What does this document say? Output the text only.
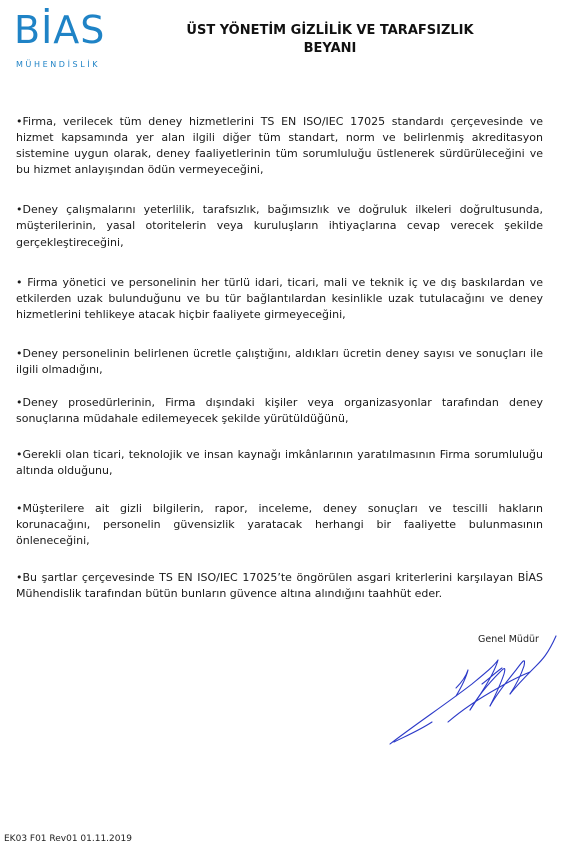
BİAS
MÜHENDİSLİK
ÜST YÖNETİM GİZLİLİK VE TARAFSIZLIK
BEYANI

•Firma, verilecek tüm deney hizmetlerini TS EN ISO/IEC 17025 standardı çerçevesinde ve hizmet kapsamında yer alan ilgili diğer tüm standart, norm ve belirlenmiş akreditasyon sistemine uygun olarak, deney faaliyetlerinin tüm sorumluluğu üstlenerek sürdürüleceğini ve bu hizmet anlayışından ödün vermeyeceğini,

•Deney çalışmalarını yeterlilik, tarafsızlık, bağımsızlık ve doğruluk ilkeleri doğrultusunda, müşterilerinin, yasal otoritelerin veya kuruluşların ihtiyaçlarına cevap verecek şekilde gerçekleştireceğini,

• Firma yönetici ve personelinin her türlü idari, ticari, mali ve teknik iç ve dış baskılardan ve etkilerden uzak bulunduğunu ve bu tür bağlantılardan kesinlikle uzak tutulacağını ve deney hizmetlerini tehlikeye atacak hiçbir faaliyete girmeyeceğini,

•Deney personelinin belirlenen ücretle çalıştığını, aldıkları ücretin deney sayısı ve sonuçları ile ilgili olmadığını,

•Deney prosedürlerinin, Firma dışındaki kişiler veya organizasyonlar tarafından deney sonuçlarına müdahale edilemeyecek şekilde yürütüldüğünü,

•Gerekli olan ticari, teknolojik ve insan kaynağı imkânlarının yaratılmasının Firma sorumluluğu altında olduğunu,

•Müşterilere ait gizli bilgilerin, rapor, inceleme, deney sonuçları ve tescilli hakların korunacağını, personelin güvensizlik yaratacak herhangi bir faaliyette bulunmasının önleneceğini,

•Bu şartlar çerçevesinde TS EN ISO/IEC 17025’te öngörülen asgari kriterlerini karşılayan BİAS Mühendislik tarafından bütün bunların güvence altına alındığını taahhüt eder.

Genel Müdür
EK03 F01 Rev01 01.11.2019
